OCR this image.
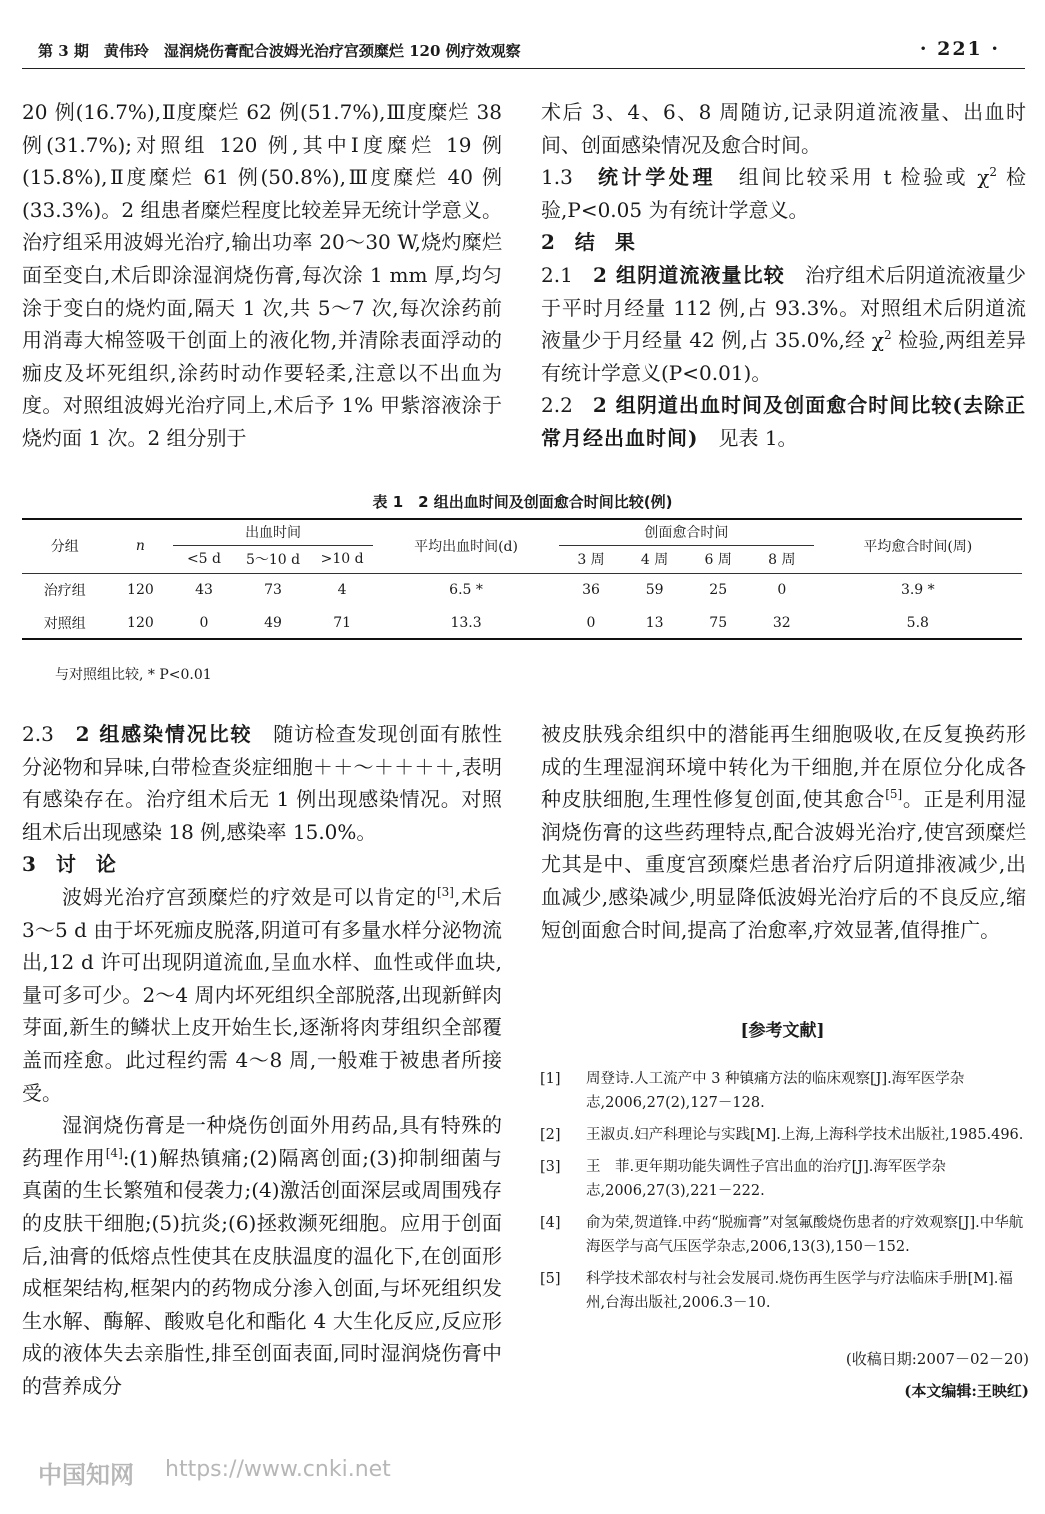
第 3 期　黄伟玲　湿润烧伤膏配合波姆光治疗宫颈糜烂 120 例疗效观察	· 221 ·

20 例(16.7%),Ⅱ度糜烂 62 例(51.7%),Ⅲ度糜烂 38 例(31.7%);对照组 120 例,其中Ⅰ度糜烂 19 例(15.8%),Ⅱ度糜烂 61 例(50.8%),Ⅲ度糜烂 40 例(33.3%)。2 组患者糜烂程度比较差异无统计学意义。治疗组采用波姆光治疗,输出功率 20～30 W,烧灼糜烂面至变白,术后即涂湿润烧伤膏,每次涂 1 mm 厚,均匀涂于变白的烧灼面,隔天 1 次,共 5～7 次,每次涂药前用消毒大棉签吸干创面上的液化物,并清除表面浮动的痂皮及坏死组织,涂药时动作要轻柔,注意以不出血为度。对照组波姆光治疗同上,术后予 1% 甲紫溶液涂于烧灼面 1 次。2 组分别于

术后 3、4、6、8 周随访,记录阴道流液量、出血时间、创面感染情况及愈合时间。

1.3　 统计学处理　 组间比较采用 t 检验或 $\chi^2$ 检验,P<0.05 为有统计学意义。

2　结　果

2.1　 2 组阴道流液量比较　 治疗组术后阴道流液量少于平时月经量 112 例,占 93.3%。对照组术后阴道流液量少于月经量 42 例,占 35.0%,经 $\chi^2$ 检验,两组差异有统计学意义(P<0.01)。

2.2　 2 组阴道出血时间及创面愈合时间比较(去除正常月经出血时间)　见表 1。

表 1　2 组出血时间及创面愈合时间比较(例)
分组	n	出血时间			平均出血时间(d)	创面愈合时间				平均愈合时间(周)
		<5 d	5～10 d	>10 d		3 周	4 周	6 周	8 周	
治疗组	120	43	73	4	6.5 *	36	59	25	0	3.9 *
对照组	120	0	49	71	13.3	0	13	75	32	5.8
与对照组比较, * P<0.01

2.3　 2 组感染情况比较　 随访检查发现创面有脓性分泌物和异味,白带检查炎症细胞＋＋～＋＋＋＋,表明有感染存在。治疗组术后无 1 例出现感染情况。对照组术后出现感染 18 例,感染率 15.0%。

3　讨　论

波姆光治疗宫颈糜烂的疗效是可以肯定的[3],术后 3～5 d 由于坏死痂皮脱落,阴道可有多量水样分泌物流出,12 d 许可出现阴道流血,呈血水样、血性或伴血块,量可多可少。2～4 周内坏死组织全部脱落,出现新鲜肉芽面,新生的鳞状上皮开始生长,逐渐将肉芽组织全部覆盖而痊愈。此过程约需 4～8 周,一般难于被患者所接受。

湿润烧伤膏是一种烧伤创面外用药品,具有特殊的药理作用[4]:(1)解热镇痛;(2)隔离创面;(3)抑制细菌与真菌的生长繁殖和侵袭力;(4)激活创面深层或周围残存的皮肤干细胞;(5)抗炎;(6)拯救濒死细胞。应用于创面后,油膏的低熔点性使其在皮肤温度的温化下,在创面形成框架结构,框架内的药物成分渗入创面,与坏死组织发生水解、酶解、酸败皂化和酯化 4 大生化反应,反应形成的液体失去亲脂性,排至创面表面,同时湿润烧伤膏中的营养成分

被皮肤残余组织中的潜能再生细胞吸收,在反复换药形成的生理湿润环境中转化为干细胞,并在原位分化成各种皮肤细胞,生理性修复创面,使其愈合[5]。正是利用湿润烧伤膏的这些药理特点,配合波姆光治疗,使宫颈糜烂尤其是中、重度宫颈糜烂患者治疗后阴道排液减少,出血减少,感染减少,明显降低波姆光治疗后的不良反应,缩短创面愈合时间,提高了治愈率,疗效显著,值得推广。

[参考文献]
[1]	周登诗.人工流产中 3 种镇痛方法的临床观察[J].海军医学杂志,2006,27(2),127－128.
[2]	王淑贞.妇产科理论与实践[M].上海,上海科学技术出版社,1985.496.
[3]	王　菲.更年期功能失调性子宫出血的治疗[J].海军医学杂志,2006,27(3),221－222.
[4]	俞为荣,贺道锋.中药“脱痂膏”对氢氟酸烧伤患者的疗效观察[J].中华航海医学与高气压医学杂志,2006,13(3),150－152.
[5]	科学技术部农村与社会发展司.烧伤再生医学与疗法临床手册[M].福州,台海出版社,2006.3－10.
(收稿日期:2007－02－20)
(本文编辑:王映红)
中国知网 https://www.cnki.net
